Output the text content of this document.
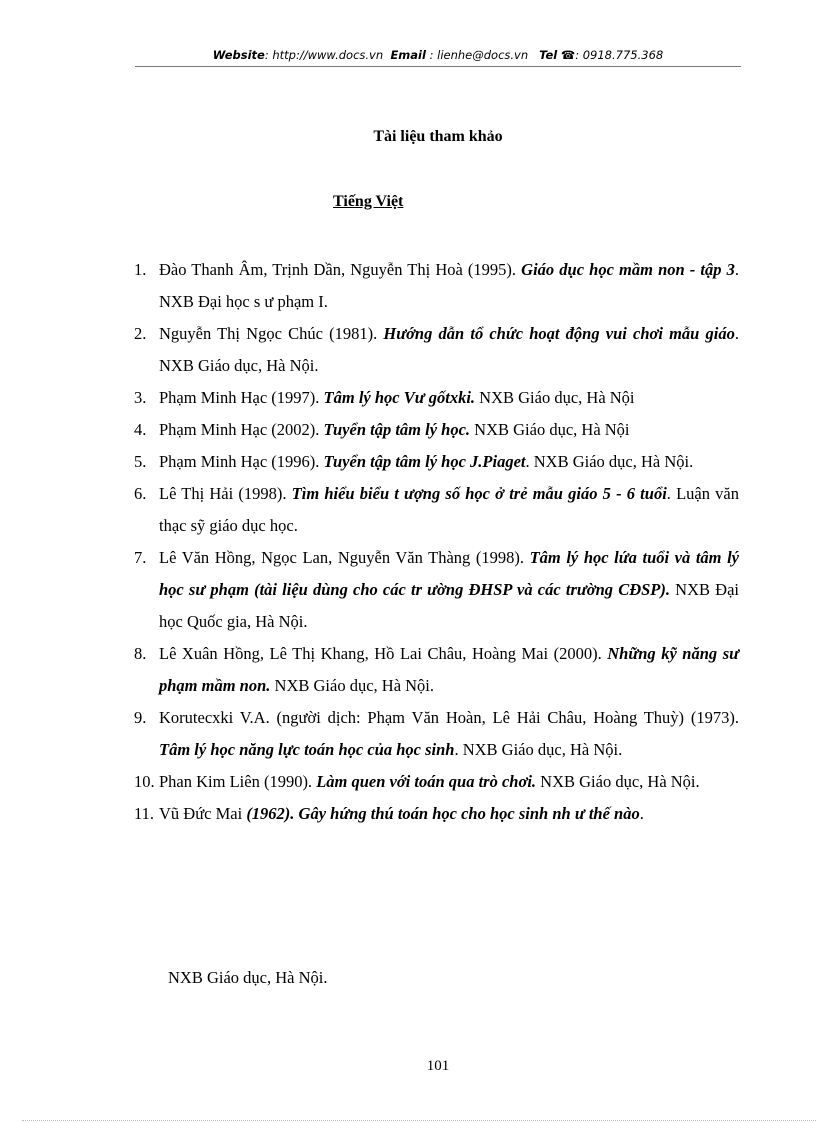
Website: http://www.docs.vn Email : lienhe@docs.vn Tel ☎: 0918.775.368
Tài liệu tham khảo
Tiếng Việt
1. Đào Thanh Âm, Trịnh Dần, Nguyễn Thị Hoà (1995). Giáo dục học mầm non - tập 3. NXB Đại học s ư phạm I.
2. Nguyễn Thị Ngọc Chúc (1981). Hướng dẫn tổ chức hoạt động vui chơi mẫu giáo. NXB Giáo dục, Hà Nội.
3. Phạm Minh Hạc (1997). Tâm lý học Vư gốtxki. NXB Giáo dục, Hà Nội
4. Phạm Minh Hạc (2002). Tuyển tập tâm lý học. NXB Giáo dục, Hà Nội
5. Phạm Minh Hạc (1996). Tuyển tập tâm lý học J.Piaget. NXB Giáo dục, Hà Nội.
6. Lê Thị Hải (1998). Tìm hiểu biểu t ượng số học ở trẻ mẫu giáo 5 - 6 tuổi. Luận văn thạc sỹ giáo dục học.
7. Lê Văn Hồng, Ngọc Lan, Nguyễn Văn Thàng (1998). Tâm lý học lứa tuổi và tâm lý học sư phạm (tài liệu dùng cho các tr ường ĐHSP và các trường CĐSP). NXB Đại học Quốc gia, Hà Nội.
8. Lê Xuân Hồng, Lê Thị Khang, Hồ Lai Châu, Hoàng Mai (2000). Những kỹ năng sư phạm mầm non. NXB Giáo dục, Hà Nội.
9. Korutecxki V.A. (người dịch: Phạm Văn Hoàn, Lê Hải Châu, Hoàng Thuỳ) (1973). Tâm lý học năng lực toán học của học sinh. NXB Giáo dục, Hà Nội.
10. Phan Kim Liên (1990). Làm quen với toán qua trò chơi. NXB Giáo dục, Hà Nội.
11. Vũ Đức Mai (1962). Gây hứng thú toán học cho học sinh nh ư thế nào.
NXB Giáo dục, Hà Nội.
101
